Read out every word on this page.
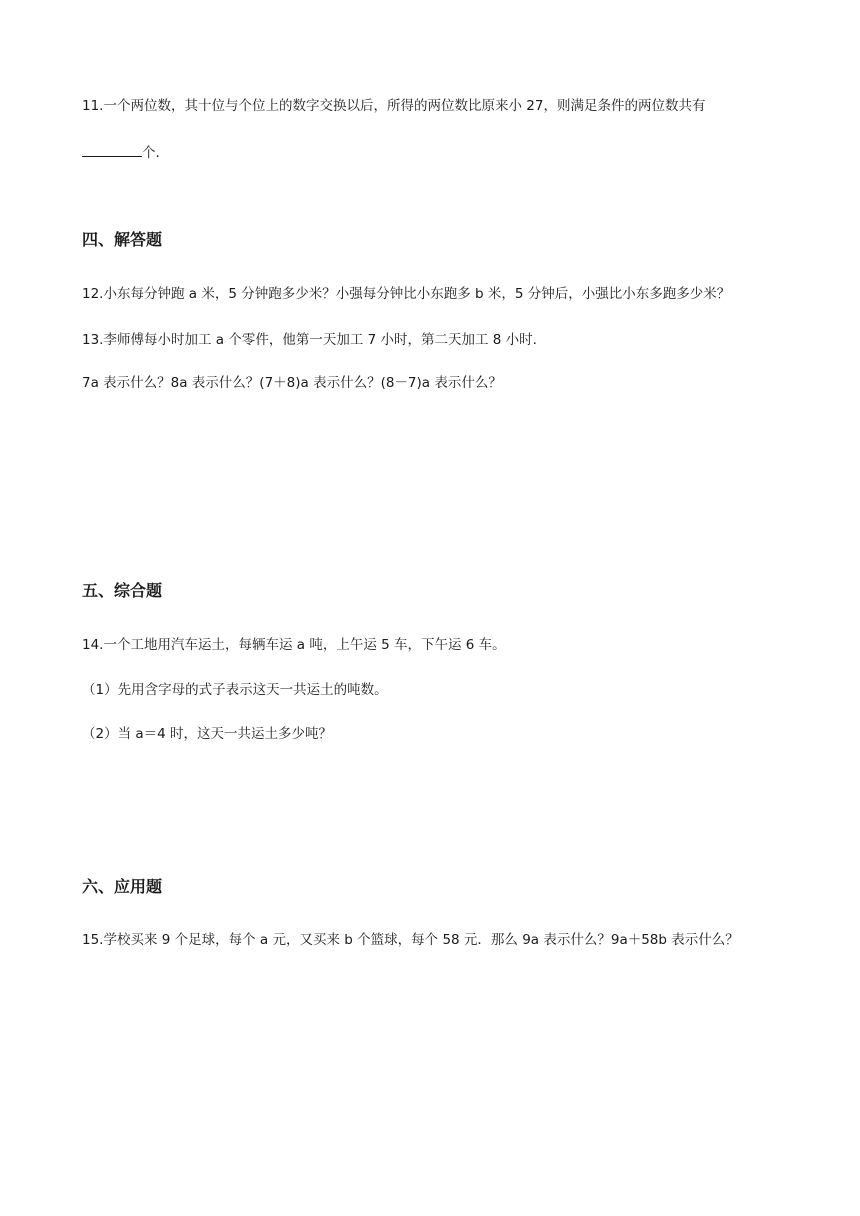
11.一个两位数，其十位与个位上的数字交换以后，所得的两位数比原来小 27，则满足条件的两位数共有
个.
四、解答题
12.小东每分钟跑 a 米，5 分钟跑多少米？小强每分钟比小东跑多 b 米，5 分钟后，小强比小东多跑多少米？
13.李师傅每小时加工 a 个零件，他第一天加工 7 小时，第二天加工 8 小时.
7a 表示什么？8a 表示什么？(7＋8)a 表示什么？(8－7)a 表示什么？
五、综合题
14.一个工地用汽车运土，每辆车运 a 吨，上午运 5 车，下午运 6 车。
（1）先用含字母的式子表示这天一共运土的吨数。
（2）当 a＝4 时，这天一共运土多少吨？
六、应用题
15.学校买来 9 个足球，每个 a 元，又买来 b 个篮球，每个 58 元．那么 9a 表示什么？9a＋58b 表示什么？
